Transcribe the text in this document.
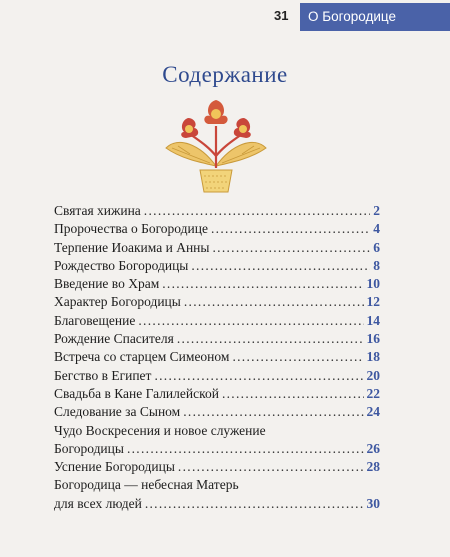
31	О Богородице
Содержание
Святая хижина .....	2
Пророчества о Богородице .....	4
Терпение Иоакима и Анны .....	6
Рождество Богородицы .....	8
Введение во Храм .....	10
Характер Богородицы .....	12
Благовещение .....	14
Рождение Спасителя .....	16
Встреча со старцем Симеоном .....	18
Бегство в Египет .....	20
Свадьба в Кане Галилейской .....	22
Следование за Сыном .....	24
Чудо Воскресения и новое служение
Богородицы .....	26
Успение Богородицы .....	28
Богородица — небесная Матерь
для всех людей .....	30
